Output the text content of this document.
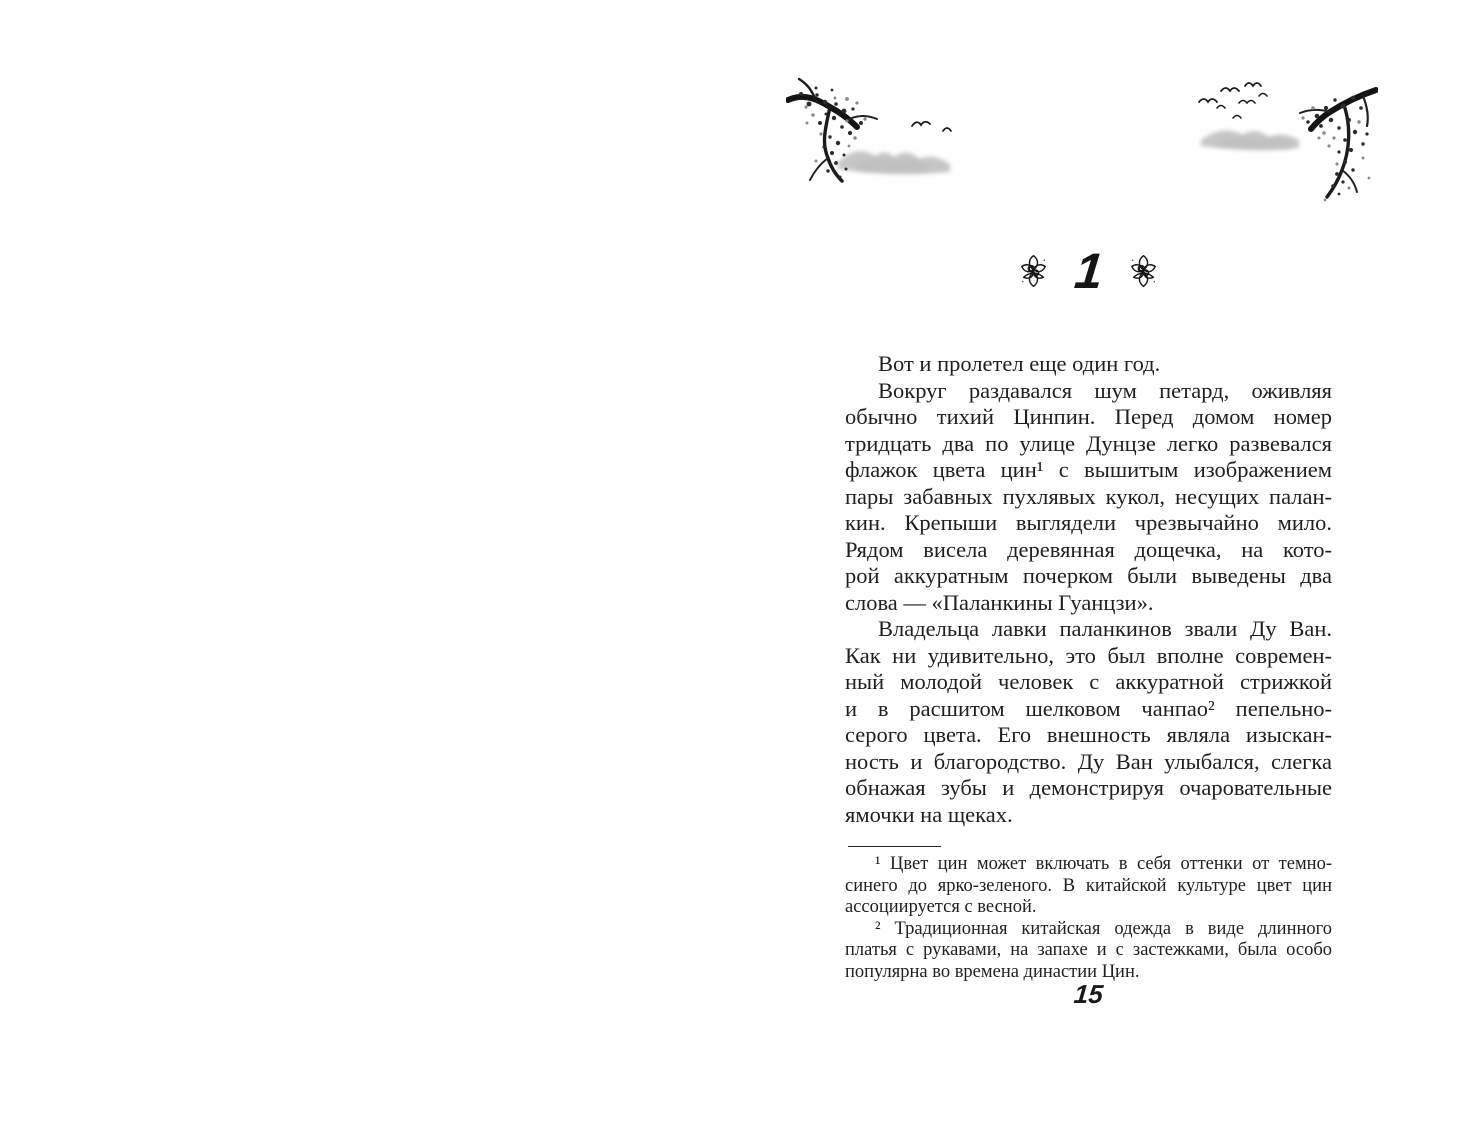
1
Вот и пролетел еще один год.
Вокруг раздавался шум петард, оживляя
обычно тихий Цинпин. Перед домом номер
тридцать два по улице Дунцзе легко развевался
флажок цвета цин¹ с вышитым изображением
пары забавных пухлявых кукол, несущих палан-
кин. Крепыши выглядели чрезвычайно мило.
Рядом висела деревянная дощечка, на кото-
рой аккуратным почерком были выведены два
слова — «Паланкины Гуанцзи».
Владельца лавки паланкинов звали Ду Ван.
Как ни удивительно, это был вполне современ-
ный молодой человек с аккуратной стрижкой
и в расшитом шелковом чанпао² пепельно-
серого цвета. Его внешность являла изыскан-
ность и благородство. Ду Ван улыбался, слегка
обнажая зубы и демонстрируя очаровательные
ямочки на щеках.
¹ Цвет цин может включать в себя оттенки от темно-
синего до ярко-зеленого. В китайской культуре цвет цин
ассоциируется с весной.
² Традиционная китайская одежда в виде длинного
платья с рукавами, на запахе и с застежками, была особо
популярна во времена династии Цин.
15
